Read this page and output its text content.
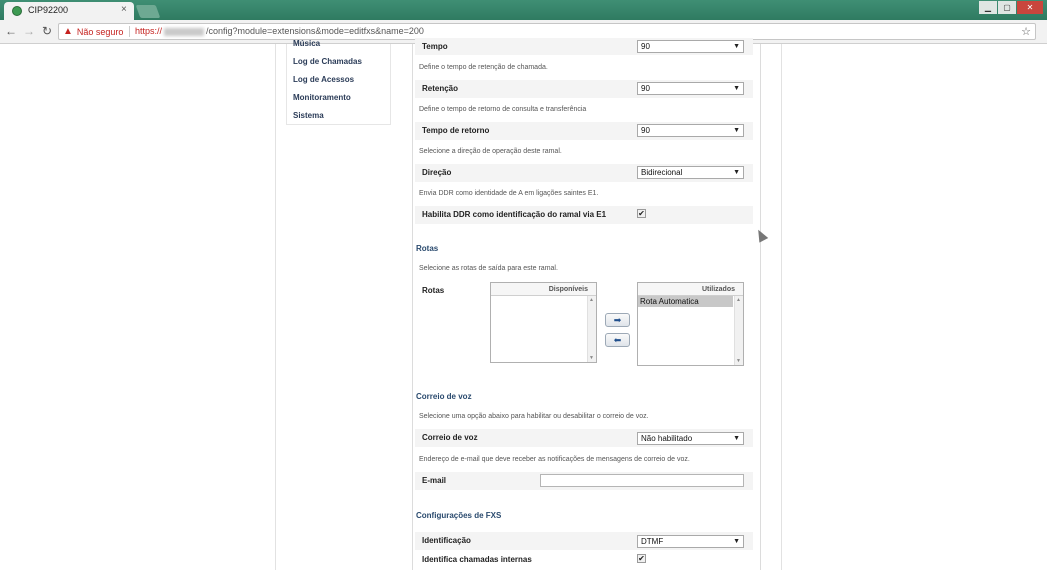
CIP92200	×	▁	▢	✕
← → ↻ ▲ Não seguro https://	/config?module=extensions&mode=editfxs&name=200	☆
Música
Log de Chamadas
Log de Acessos
Monitoramento
Sistema
Tempo	90	▼
Define o tempo de retenção de chamada.
Retenção	90	▼
Define o tempo de retorno de consulta e transferência
Tempo de retorno	90	▼
Selecione a direção de operação deste ramal.
Direção	Bidirecional	▼
Envia DDR como identidade de A em ligações saintes E1.
Habilita DDR como identificação do ramal via E1	✔
Rotas
Selecione as rotas de saída para este ramal.
Rotas	Disponíveis
▲
▼
➡
⬅
Utilizados
Rota Automatica	▲
▼
Correio de voz
Selecione uma opção abaixo para habilitar ou desabilitar o correio de voz.
Correio de voz	Não habilitado	▼
Endereço de e-mail que deve receber as notificações de mensagens de correio de voz.
E-mail
Configurações de FXS
Identificação	DTMF	▼
Identifica chamadas internas	✔
